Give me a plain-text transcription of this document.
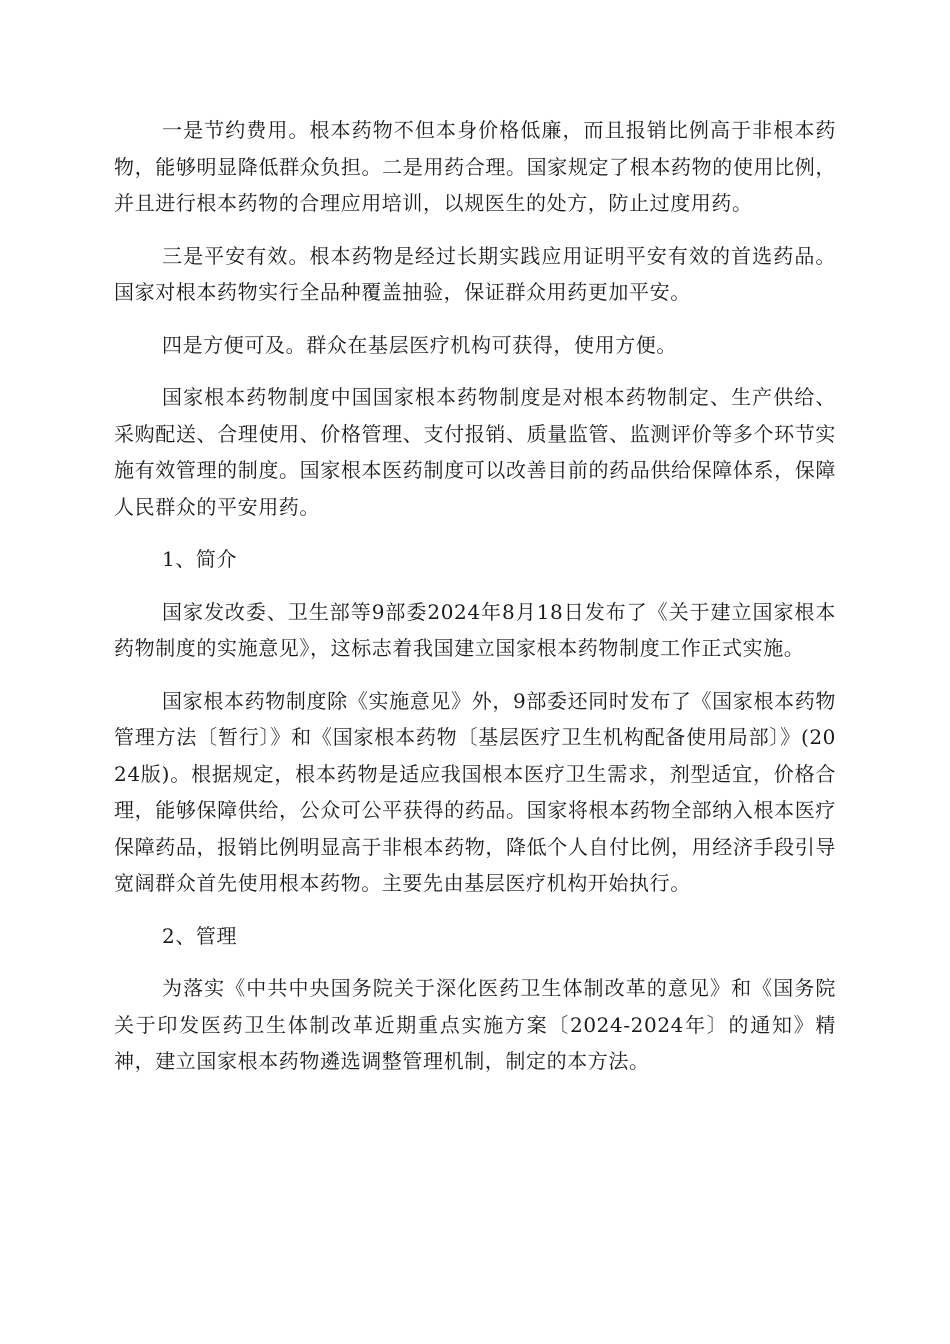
一是节约费用。根本药物不但本身价格低廉，而且报销比例高于非根本药物，能够明显降低群众负担。二是用药合理。国家规定了根本药物的使用比例，并且进行根本药物的合理应用培训，以规医生的处方，防止过度用药。

三是平安有效。根本药物是经过长期实践应用证明平安有效的首选药品。国家对根本药物实行全品种覆盖抽验，保证群众用药更加平安。

四是方便可及。群众在基层医疗机构可获得，使用方便。

国家根本药物制度中国国家根本药物制度是对根本药物制定、生产供给、采购配送、合理使用、价格管理、支付报销、质量监管、监测评价等多个环节实施有效管理的制度。国家根本医药制度可以改善目前的药品供给保障体系，保障人民群众的平安用药。

1、简介

国家发改委、卫生部等9部委2024年8月18日发布了《关于建立国家根本药物制度的实施意见》，这标志着我国建立国家根本药物制度工作正式实施。

国家根本药物制度除《实施意见》外，9部委还同时发布了《国家根本药物管理方法〔暂行〕》和《国家根本药物〔基层医疗卫生机构配备使用局部〕》(2024版)。根据规定，根本药物是适应我国根本医疗卫生需求，剂型适宜，价格合理，能够保障供给，公众可公平获得的药品。国家将根本药物全部纳入根本医疗保障药品，报销比例明显高于非根本药物，降低个人自付比例，用经济手段引导宽阔群众首先使用根本药物。主要先由基层医疗机构开始执行。

2、管理

为落实《中共中央国务院关于深化医药卫生体制改革的意见》和《国务院关于印发医药卫生体制改革近期重点实施方案〔2024-2024年〕的通知》精神，建立国家根本药物遴选调整管理机制，制定的本方法。
